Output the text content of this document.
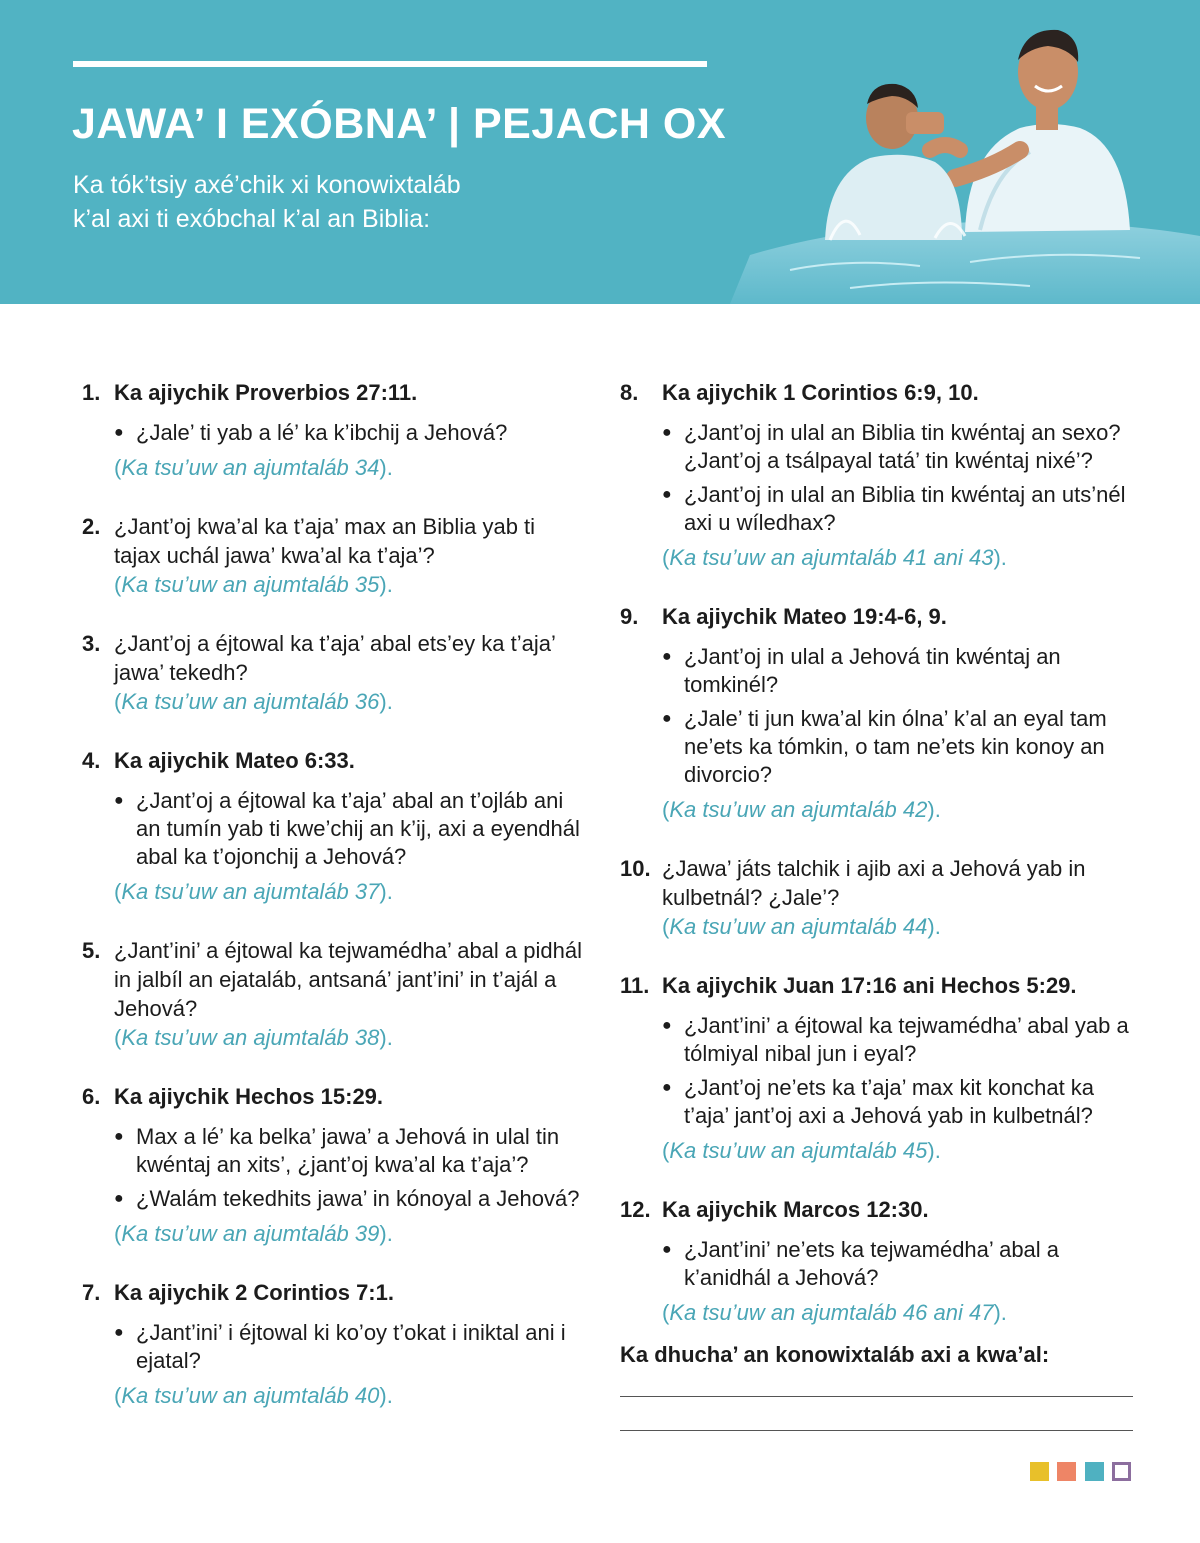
JAWA’ I EXÓBNA’ | PEJACH OX

Ka tók’tsiy axé’chik xi konowixtaláb
k’al axi ti exóbchal k’al an Biblia:

1. Ka ajiychik Proverbios 27:11.
● ¿Jale’ ti yab a lé’ ka k’ibchij a Jehová?
(Ka tsu’uw an ajumtaláb 34).
2. ¿Jant’oj kwa’al ka t’aja’ max an Biblia yab ti tajax uchál jawa’ kwa’al ka t’aja’?
(Ka tsu’uw an ajumtaláb 35).
3. ¿Jant’oj a éjtowal ka t’aja’ abal ets’ey ka t’aja’ jawa’ tekedh?
(Ka tsu’uw an ajumtaláb 36).
4. Ka ajiychik Mateo 6:33.
● ¿Jant’oj a éjtowal ka t’aja’ abal an t’ojláb ani an tumín yab ti kwe’chij an k’ij, axi a eyendhál abal ka t’ojonchij a Jehová?
(Ka tsu’uw an ajumtaláb 37).
5. ¿Jant’ini’ a éjtowal ka tejwamédha’ abal a pidhál in jalbíl an ejataláb, antsaná’ jant’ini’ in t’ajál a Jehová?
(Ka tsu’uw an ajumtaláb 38).
6. Ka ajiychik Hechos 15:29.
● Max a lé’ ka belka’ jawa’ a Jehová in ulal tin kwéntaj an xits’, ¿jant’oj kwa’al ka t’aja’?
● ¿Walám tekedhits jawa’ in kónoyal a Jehová?
(Ka tsu’uw an ajumtaláb 39).
7. Ka ajiychik 2 Corintios 7:1.
● ¿Jant’ini’ i éjtowal ki ko’oy t’okat i iniktal ani i ejatal?
(Ka tsu’uw an ajumtaláb 40).
8.	Ka ajiychik 1 Corintios 6:9, 10.
● ¿Jant’oj in ulal an Biblia tin kwéntaj an sexo? ¿Jant’oj a tsálpayal tatá’ tin kwéntaj nixé’?
● ¿Jant’oj in ulal an Biblia tin kwéntaj an uts’nél axi u wíledhax?
(Ka tsu’uw an ajumtaláb 41 ani 43).
9.	Ka ajiychik Mateo 19:4-6, 9.
● ¿Jant’oj in ulal a Jehová tin kwéntaj an tomkinél?
● ¿Jale’ ti jun kwa’al kin ólna’ k’al an eyal tam ne’ets ka tómkin, o tam ne’ets kin konoy an divorcio?
(Ka tsu’uw an ajumtaláb 42).
10. ¿Jawa’ játs talchik i ajib axi a Jehová yab in kulbetnál? ¿Jale’?
(Ka tsu’uw an ajumtaláb 44).
11. Ka ajiychik Juan 17:16 ani Hechos 5:29.
● ¿Jant’ini’ a éjtowal ka tejwamédha’ abal yab a tólmiyal nibal jun i eyal?
● ¿Jant’oj ne’ets ka t’aja’ max kit konchat ka t’aja’ jant’oj axi a Jehová yab in kulbetnál?
(Ka tsu’uw an ajumtaláb 45).
12. Ka ajiychik Marcos 12:30.
● ¿Jant’ini’ ne’ets ka tejwamédha’ abal a k’anidhál a Jehová?
(Ka tsu’uw an ajumtaláb 46 ani 47).

Ka dhucha’ an konowixtaláb axi a kwa’al:
